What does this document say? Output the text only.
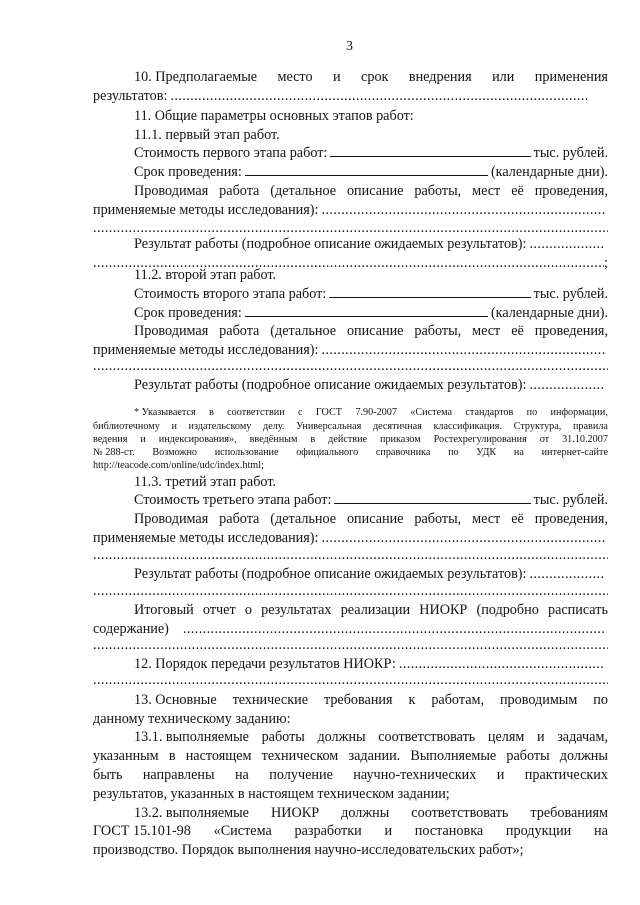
3
10. Предполагаемые место и срок внедрения или применения
результатов:
.....
11. Общие параметры основных этапов работ:
11.1. первый этап работ.
Стоимость первого этапа работ:	тыс. рублей.
Срок проведения:	(календарные дни).
Проводимая работа (детальное описание работы, мест её проведения,
применяемые методы исследования):
.....
.....
Результат работы (подробное описание ожидаемых результатов):
.....
.....
;
11.2. второй этап работ.
Стоимость второго этапа работ:	тыс. рублей.
Срок проведения:	(календарные дни).
Проводимая работа (детальное описание работы, мест её проведения,
применяемые методы исследования):
.....
.....
Результат работы (подробное описание ожидаемых результатов):
.....
* Указывается в соответствии с ГОСТ 7.90-2007 «Система стандартов по информации,
библиотечному и издательскому делу. Универсальная десятичная классификация. Структура, правила
ведения и индексирования», введённым в действие приказом Ростехрегулирования от 31.10.2007
№ 288-ст. Возможно использование официального справочника по УДК на интернет-сайте
http://teacode.com/online/udc/index.html;
11.3. третий этап работ.
Стоимость третьего этапа работ:	тыс. рублей.
Проводимая работа (детальное описание работы, мест её проведения,
применяемые методы исследования):
.....
.....
Результат работы (подробное описание ожидаемых результатов):
.....
.....
Итоговый отчет о результатах реализации НИОКР (подробно расписать
содержание)
.....
.....
12. Порядок передачи результатов НИОКР:
.....
.....
13. Основные технические требования к работам, проводимым по
данному техническому заданию:
13.1. выполняемые работы должны соответствовать целям и задачам,
указанным в настоящем техническом задании. Выполняемые работы должны
быть направлены на получение научно-технических и практических
результатов, указанных в настоящем техническом задании;
13.2. выполняемые НИОКР должны соответствовать требованиям
ГОСТ 15.101-98 «Система разработки и постановка продукции на
производство. Порядок выполнения научно-исследовательских работ»;
